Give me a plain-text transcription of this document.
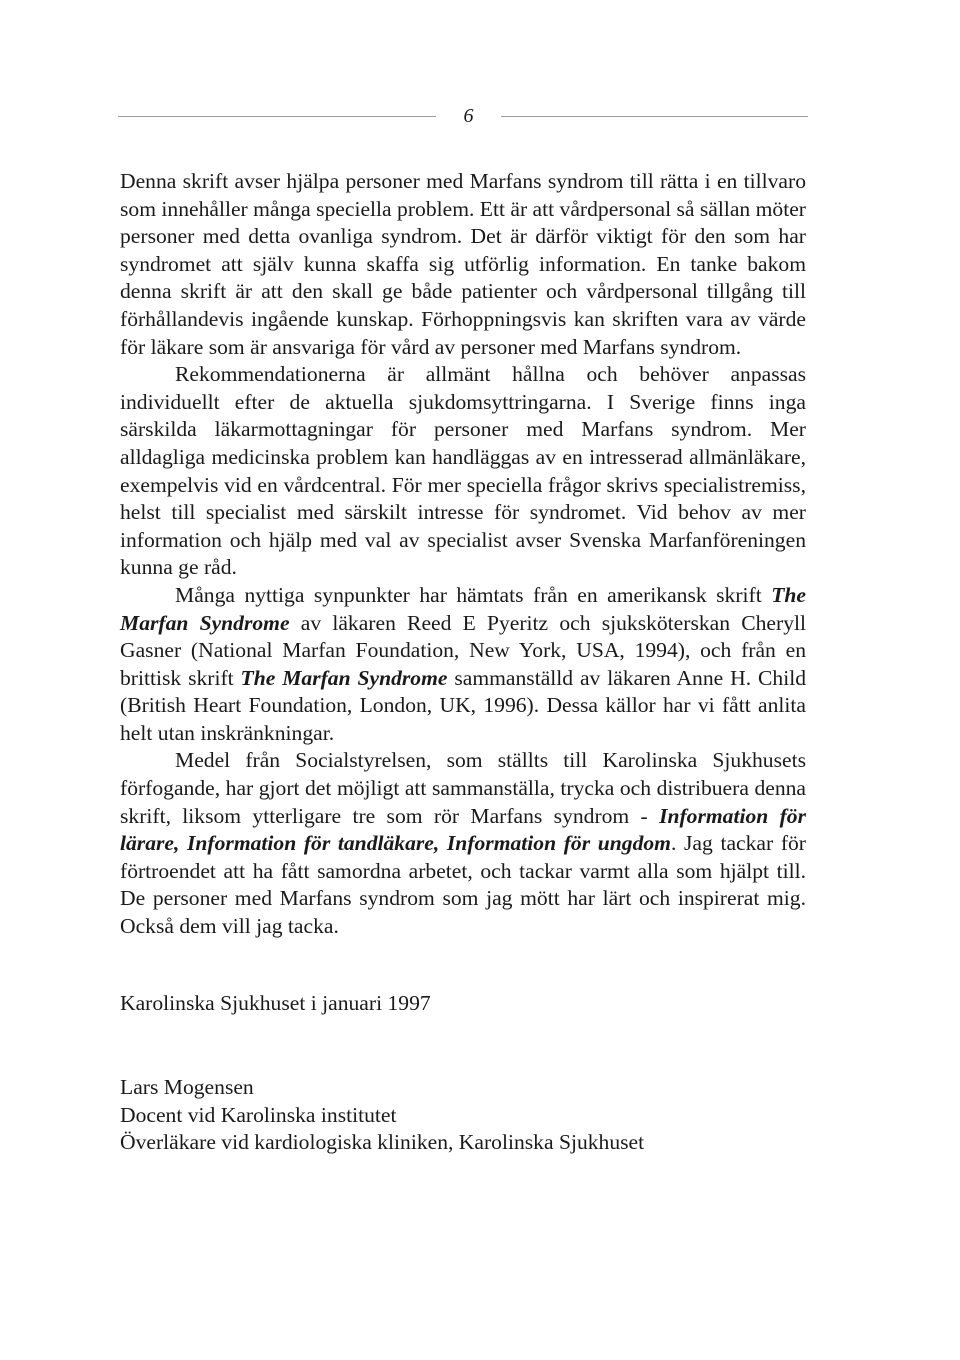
6

Denna skrift avser hjälpa personer med Marfans syndrom till rätta i en tillvaro som innehåller många speciella problem. Ett är att vårdpersonal så sällan möter personer med detta ovanliga syndrom. Det är därför viktigt för den som har syndromet att själv kunna skaffa sig utförlig information. En tanke bakom denna skrift är att den skall ge både patienter och vårdpersonal tillgång till förhållandevis ingående kunskap. Förhoppningsvis kan skriften vara av värde för läkare som är ansvariga för vård av personer med Marfans syndrom.

Rekommendationerna är allmänt hållna och behöver anpassas individuellt efter de aktuella sjukdomsyttringarna. I Sverige finns inga särskilda läkarmottagningar för personer med Marfans syndrom. Mer alldagliga medicinska problem kan handläggas av en intresserad allmänläkare, exempelvis vid en vårdcentral. För mer speciella frågor skrivs specialistremiss, helst till specialist med särskilt intresse för syndromet. Vid behov av mer information och hjälp med val av specialist avser Svenska Marfanföreningen kunna ge råd.

Många nyttiga synpunkter har hämtats från en amerikansk skrift The Marfan Syndrome av läkaren Reed E Pyeritz och sjuksköterskan Cheryll Gasner (National Marfan Foundation, New York, USA, 1994), och från en brittisk skrift The Marfan Syndrome sammanställd av läkaren Anne H. Child (British Heart Foundation, London, UK, 1996). Dessa källor har vi fått anlita helt utan inskränkningar.

Medel från Socialstyrelsen, som ställts till Karolinska Sjukhusets förfogande, har gjort det möjligt att sammanställa, trycka och distribuera denna skrift, liksom ytterligare tre som rör Marfans syndrom - Information för lärare, Information för tandläkare, Information för ungdom. Jag tackar för förtroendet att ha fått samordna arbetet, och tackar varmt alla som hjälpt till. De personer med Marfans syndrom som jag mött har lärt och inspirerat mig. Också dem vill jag tacka.

Karolinska Sjukhuset i januari 1997
Lars Mogensen
Docent vid Karolinska institutet
Överläkare vid kardiologiska kliniken, Karolinska Sjukhuset
